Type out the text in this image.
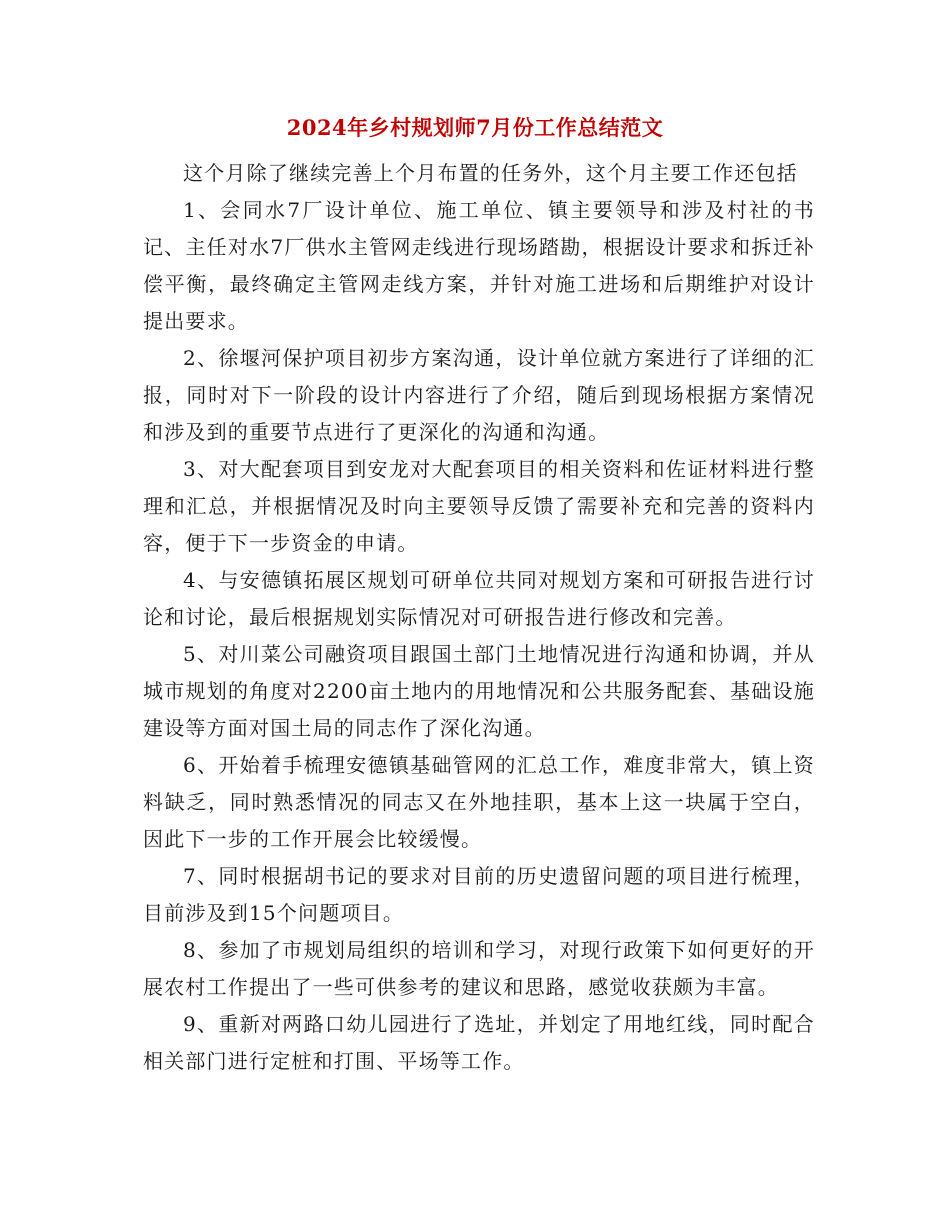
2024年乡村规划师7月份工作总结范文

这个月除了继续完善上个月布置的任务外，这个月主要工作还包括

1、会同水7厂设计单位、施工单位、镇主要领导和涉及村社的书记、主任对水7厂供水主管网走线进行现场踏勘，根据设计要求和拆迁补偿平衡，最终确定主管网走线方案，并针对施工进场和后期维护对设计提出要求。

2、徐堰河保护项目初步方案沟通，设计单位就方案进行了详细的汇报，同时对下一阶段的设计内容进行了介绍，随后到现场根据方案情况和涉及到的重要节点进行了更深化的沟通和沟通。

3、对大配套项目到安龙对大配套项目的相关资料和佐证材料进行整理和汇总，并根据情况及时向主要领导反馈了需要补充和完善的资料内容，便于下一步资金的申请。

4、与安德镇拓展区规划可研单位共同对规划方案和可研报告进行讨论和讨论，最后根据规划实际情况对可研报告进行修改和完善。

5、对川菜公司融资项目跟国土部门土地情况进行沟通和协调，并从城市规划的角度对2200亩土地内的用地情况和公共服务配套、基础设施建设等方面对国土局的同志作了深化沟通。

6、开始着手梳理安德镇基础管网的汇总工作，难度非常大，镇上资料缺乏，同时熟悉情况的同志又在外地挂职，基本上这一块属于空白，因此下一步的工作开展会比较缓慢。

7、同时根据胡书记的要求对目前的历史遗留问题的项目进行梳理，目前涉及到15个问题项目。

8、参加了市规划局组织的培训和学习，对现行政策下如何更好的开展农村工作提出了一些可供参考的建议和思路，感觉收获颇为丰富。

9、重新对两路口幼儿园进行了选址，并划定了用地红线，同时配合相关部门进行定桩和打围、平场等工作。
